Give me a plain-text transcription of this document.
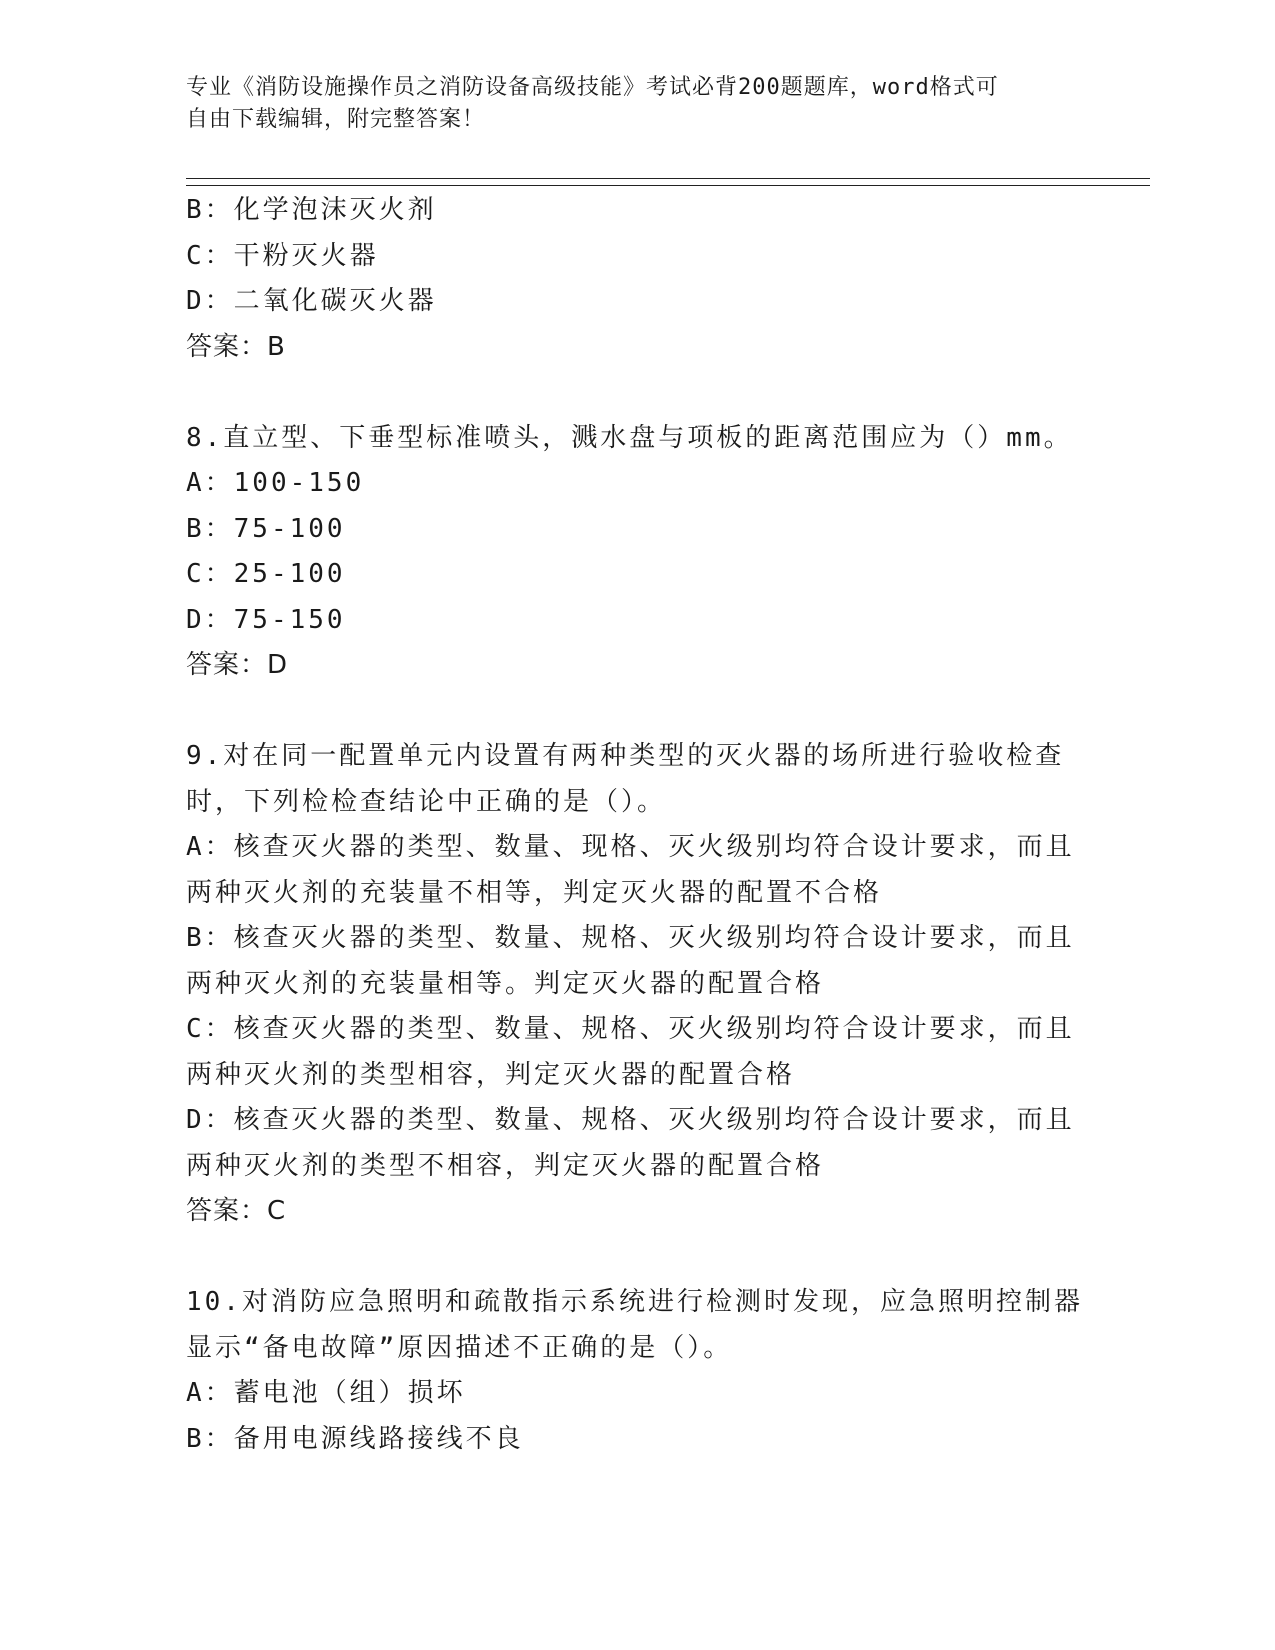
专业《消防设施操作员之消防设备高级技能》考试必背200题题库，word格式可
自由下载编辑，附完整答案！
B：化学泡沫灭火剂
C：干粉灭火器
D：二氧化碳灭火器
答案：B
8.直立型、下垂型标准喷头，溅水盘与项板的距离范围应为（）mm。
A：100-150
B：75-100
C：25-100
D：75-150
答案：D
9.对在同一配置单元内设置有两种类型的灭火器的场所进行验收检查
时，下列检检查结论中正确的是（）。
A：核查灭火器的类型、数量、现格、灭火级别均符合设计要求，而且
两种灭火剂的充装量不相等，判定灭火器的配置不合格
B：核查灭火器的类型、数量、规格、灭火级别均符合设计要求，而且
两种灭火剂的充装量相等。判定灭火器的配置合格
C：核查灭火器的类型、数量、规格、灭火级别均符合设计要求，而且
两种灭火剂的类型相容，判定灭火器的配置合格
D：核查灭火器的类型、数量、规格、灭火级别均符合设计要求，而且
两种灭火剂的类型不相容，判定灭火器的配置合格
答案：C
10.对消防应急照明和疏散指示系统进行检测时发现，应急照明控制器
显示“备电故障”原因描述不正确的是（）。
A：蓄电池（组）损坏
B：备用电源线路接线不良
